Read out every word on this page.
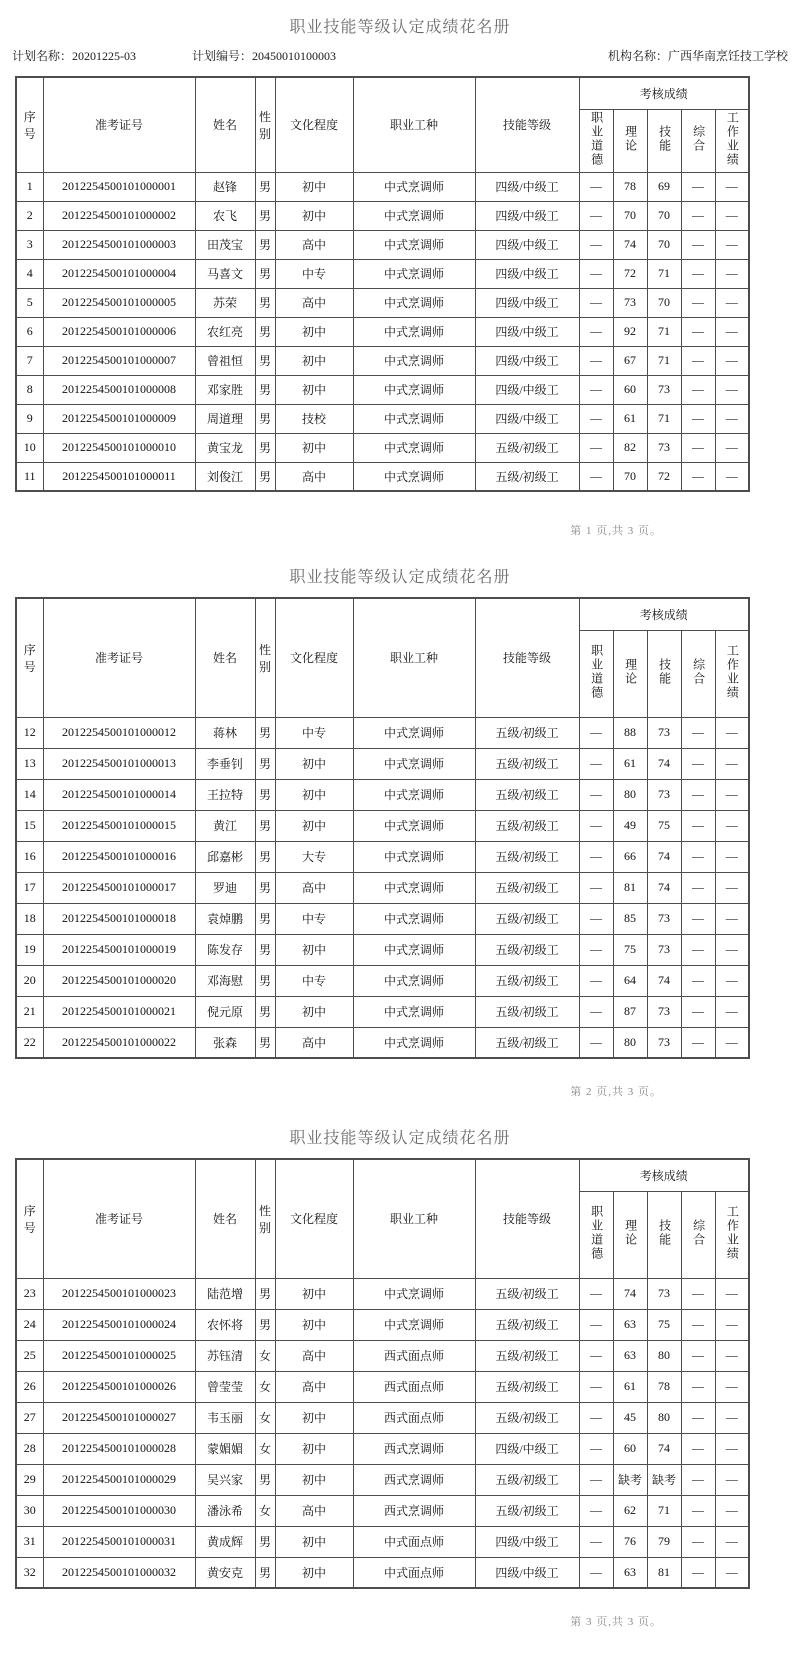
职业技能等级认定成绩花名册
计划名称：20201225-03	计划编号：20450010100003	机构名称：广西华南烹饪技工学校
序号	准考证号	姓名	性别	文化程度	职业工种	技能等级	考核成绩				
							职业道德	理论	技能	综合	工作业绩
1	2012254500101000001	赵锋	男	初中	中式烹调师	四级/中级工	—	78	69	—	—
2	2012254500101000002	农飞	男	初中	中式烹调师	四级/中级工	—	70	70	—	—
3	2012254500101000003	田茂宝	男	高中	中式烹调师	四级/中级工	—	74	70	—	—
4	2012254500101000004	马喜文	男	中专	中式烹调师	四级/中级工	—	72	71	—	—
5	2012254500101000005	苏荣	男	高中	中式烹调师	四级/中级工	—	73	70	—	—
6	2012254500101000006	农红亮	男	初中	中式烹调师	四级/中级工	—	92	71	—	—
7	2012254500101000007	曾祖恒	男	初中	中式烹调师	四级/中级工	—	67	71	—	—
8	2012254500101000008	邓家胜	男	初中	中式烹调师	四级/中级工	—	60	73	—	—
9	2012254500101000009	周道理	男	技校	中式烹调师	四级/中级工	—	61	71	—	—
10	2012254500101000010	黄宝龙	男	初中	中式烹调师	五级/初级工	—	82	73	—	—
11	2012254500101000011	刘俊江	男	高中	中式烹调师	五级/初级工	—	70	72	—	—
第 1 页,共 3 页。
职业技能等级认定成绩花名册
序号	准考证号	姓名	性别	文化程度	职业工种	技能等级	考核成绩				
							职业道德	理论	技能	综合	工作业绩
12	2012254500101000012	蒋林	男	中专	中式烹调师	五级/初级工	—	88	73	—	—
13	2012254500101000013	李垂钊	男	初中	中式烹调师	五级/初级工	—	61	74	—	—
14	2012254500101000014	王拉特	男	初中	中式烹调师	五级/初级工	—	80	73	—	—
15	2012254500101000015	黄江	男	初中	中式烹调师	五级/初级工	—	49	75	—	—
16	2012254500101000016	邱嘉彬	男	大专	中式烹调师	五级/初级工	—	66	74	—	—
17	2012254500101000017	罗迪	男	高中	中式烹调师	五级/初级工	—	81	74	—	—
18	2012254500101000018	袁焯鹏	男	中专	中式烹调师	五级/初级工	—	85	73	—	—
19	2012254500101000019	陈发存	男	初中	中式烹调师	五级/初级工	—	75	73	—	—
20	2012254500101000020	邓海慰	男	中专	中式烹调师	五级/初级工	—	64	74	—	—
21	2012254500101000021	倪元原	男	初中	中式烹调师	五级/初级工	—	87	73	—	—
22	2012254500101000022	张森	男	高中	中式烹调师	五级/初级工	—	80	73	—	—
第 2 页,共 3 页。
职业技能等级认定成绩花名册
序号	准考证号	姓名	性别	文化程度	职业工种	技能等级	考核成绩				
							职业道德	理论	技能	综合	工作业绩
23	2012254500101000023	陆范增	男	初中	中式烹调师	五级/初级工	—	74	73	—	—
24	2012254500101000024	农怀将	男	初中	中式烹调师	五级/初级工	—	63	75	—	—
25	2012254500101000025	苏钰清	女	高中	西式面点师	五级/初级工	—	63	80	—	—
26	2012254500101000026	曾莹莹	女	高中	西式面点师	五级/初级工	—	61	78	—	—
27	2012254500101000027	韦玉丽	女	初中	西式面点师	五级/初级工	—	45	80	—	—
28	2012254500101000028	蒙媚媚	女	初中	西式烹调师	四级/中级工	—	60	74	—	—
29	2012254500101000029	吴兴家	男	初中	西式烹调师	五级/初级工	—	缺考	缺考	—	—
30	2012254500101000030	潘泳希	女	高中	西式烹调师	五级/初级工	—	62	71	—	—
31	2012254500101000031	黄成辉	男	初中	中式面点师	四级/中级工	—	76	79	—	—
32	2012254500101000032	黄安克	男	初中	中式面点师	四级/中级工	—	63	81	—	—
第 3 页,共 3 页。
